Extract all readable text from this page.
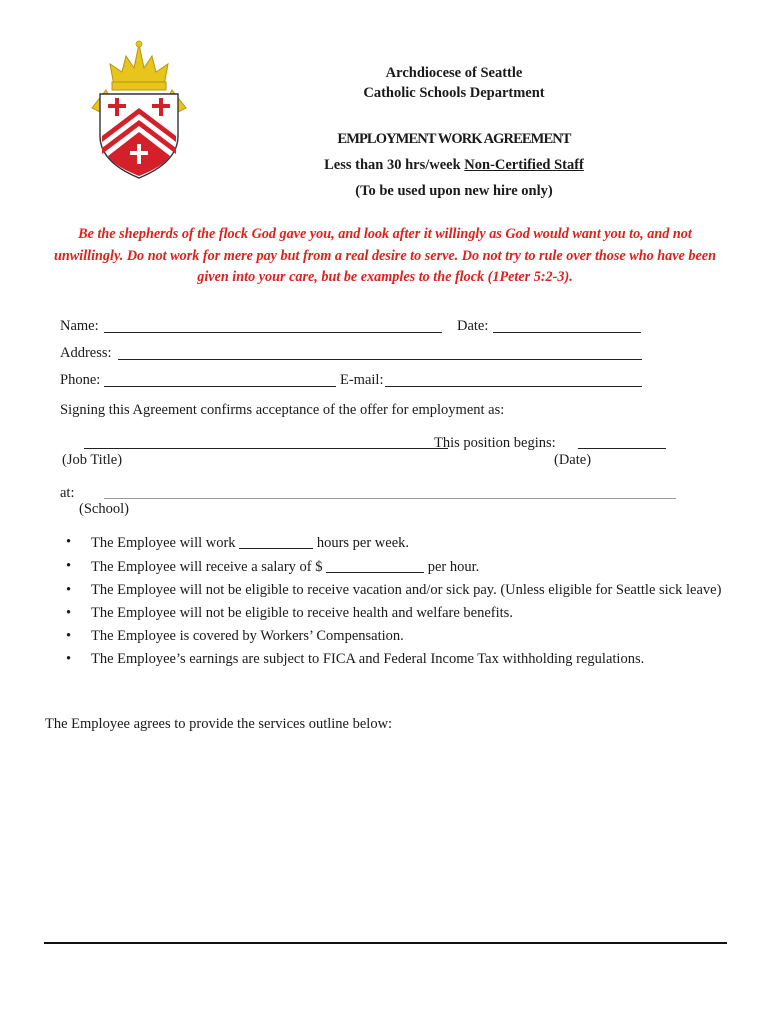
Archdiocese of Seattle
Catholic Schools Department
EMPLOYMENT WORK AGREEMENT
Less than 30 hrs/week Non-Certified Staff
(To be used upon new hire only)
Be the shepherds of the flock God gave you, and look after it willingly as God would want you to, and not unwillingly. Do not work for mere pay but from a real desire to serve. Do not try to rule over those who have been given into your care, but be examples to the flock (1Peter 5:2-3).
Name:	Date:
Address:
Phone:	E-mail:
Signing this Agreement confirms acceptance of the offer for employment as:
This position begins:
(Job Title)	(Date)
at:
(School)
• The Employee will work	hours per week.
• The Employee will receive a salary of $	per hour.
• The Employee will not be eligible to receive vacation and/or sick pay. (Unless eligible for Seattle sick leave)
• The Employee will not be eligible to receive health and welfare benefits.
• The Employee is covered by Workers’ Compensation.
• The Employee’s earnings are subject to FICA and Federal Income Tax withholding regulations.
The Employee agrees to provide the services outline below:
